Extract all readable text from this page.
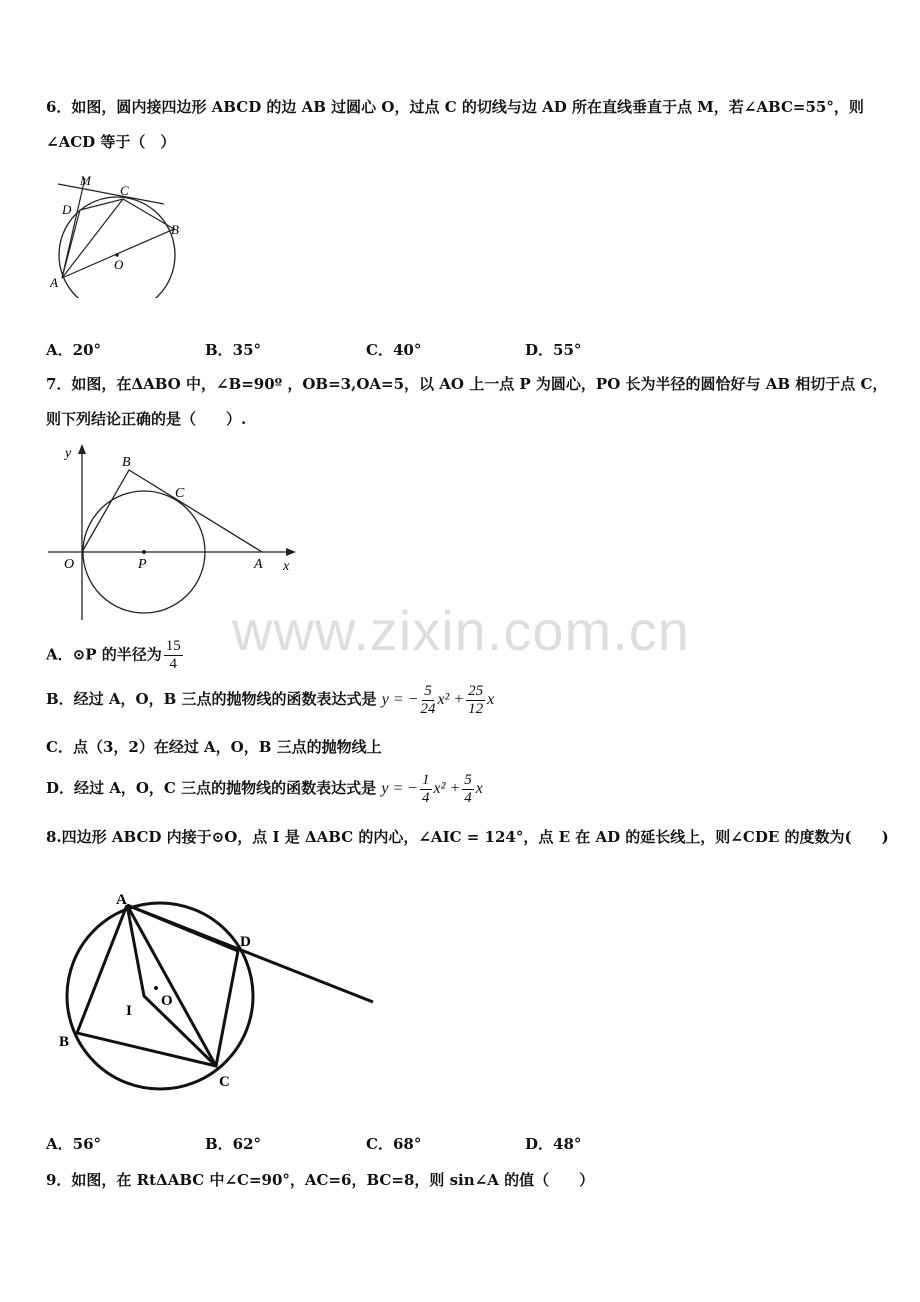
www.zixin.com.cn
6．如图，圆内接四边形 ABCD 的边 AB 过圆心 O，过点 C 的切线与边 AD 所在直线垂直于点 M，若∠ABC=55°，则
∠ACD 等于（　）
M
C
D
B
O
A
A．20°	B．35°	C．40°	D．55°
7．如图，在ΔABO 中，∠B=90º ，OB=3,OA=5，以 AO 上一点 P 为圆心，PO 长为半径的圆恰好与 AB 相切于点 C，
则下列结论正确的是（　　）.
y
B
C
O	P	A x
A．⊙P 的半径为 $\frac{15}{4}$
B．经过 A，O，B 三点的抛物线的函数表达式是 y = − $\frac{5}{24} x^2 + \frac{25}{12}$ x
C．点（3，2）在经过 A，O，B 三点的抛物线上
D．经过 A，O，C 三点的抛物线的函数表达式是 y = − $\frac{1}{4} x^2 + \frac{5}{4}$ x
8.四边形 ABCD 内接于⊙O，点 I 是 ΔABC 的内心，∠AIC = 124°，点 E 在 AD 的延长线上，则∠CDE 的度数为(　　)
A
D
I
O
B
C
A．56°	B．62°	C．68°	D．48°
9．如图，在 RtΔABC 中∠C=90°，AC=6，BC=8，则 sin∠A 的值（　　）
